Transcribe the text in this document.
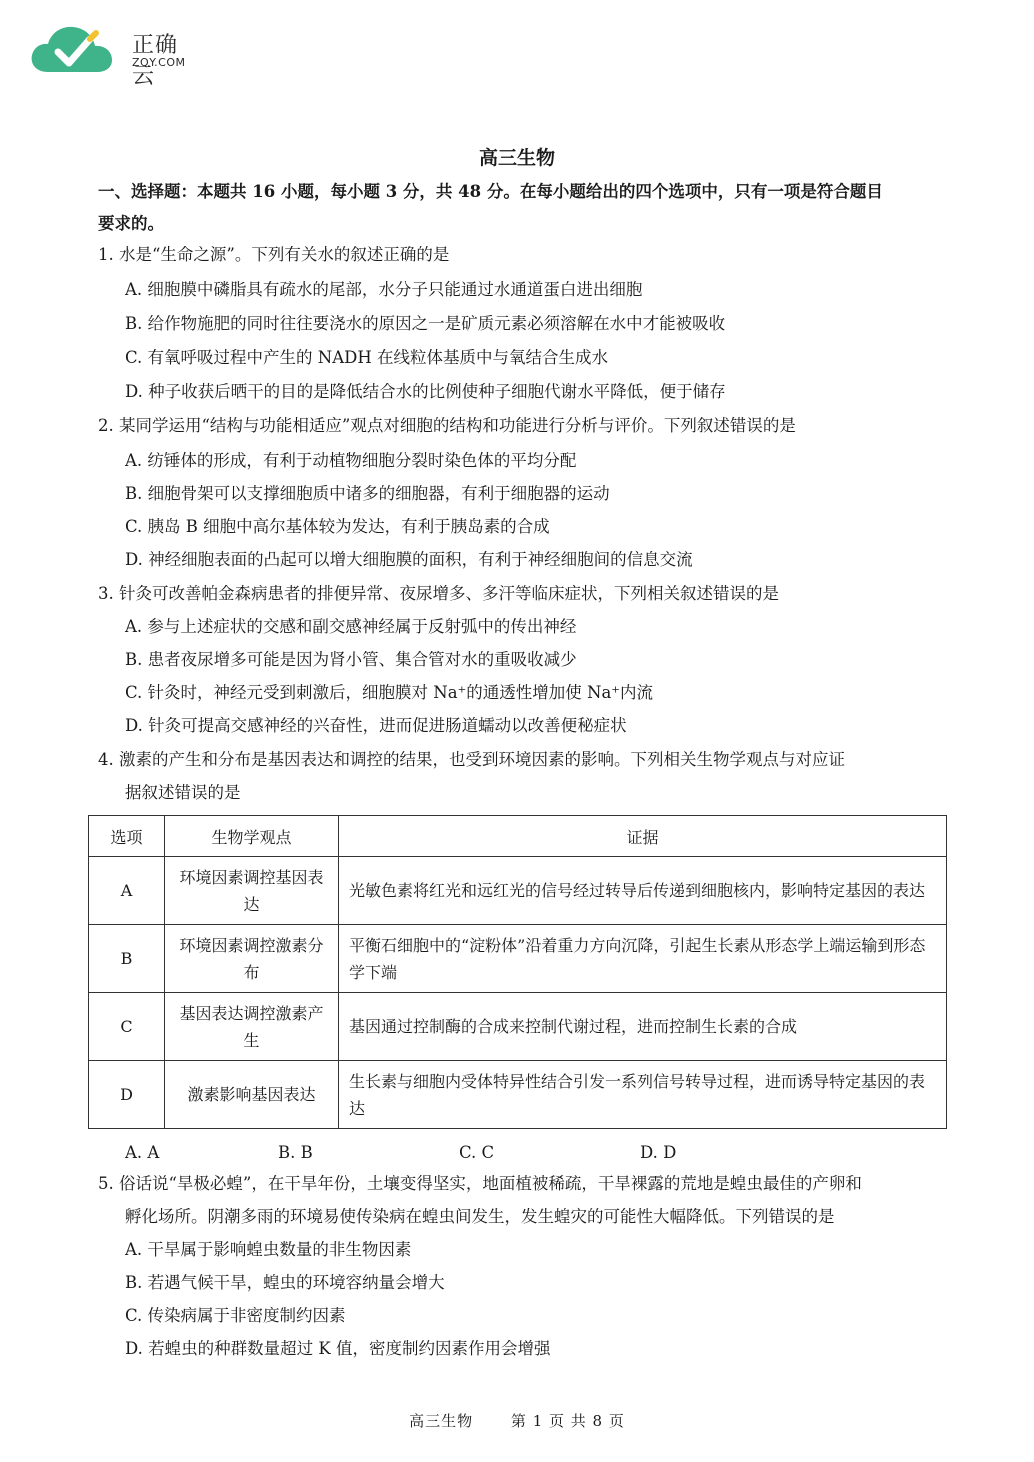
正确云
ZQY.COM
高三生物
一、选择题：本题共 16 小题，每小题 3 分，共 48 分。在每小题给出的四个选项中，只有一项是符合题目
要求的。
1. 水是“生命之源”。下列有关水的叙述正确的是
A. 细胞膜中磷脂具有疏水的尾部，水分子只能通过水通道蛋白进出细胞
B. 给作物施肥的同时往往要浇水的原因之一是矿质元素必须溶解在水中才能被吸收
C. 有氧呼吸过程中产生的 NADH 在线粒体基质中与氧结合生成水
D. 种子收获后晒干的目的是降低结合水的比例使种子细胞代谢水平降低，便于储存
2. 某同学运用“结构与功能相适应”观点对细胞的结构和功能进行分析与评价。下列叙述错误的是
A. 纺锤体的形成，有利于动植物细胞分裂时染色体的平均分配
B. 细胞骨架可以支撑细胞质中诸多的细胞器，有利于细胞器的运动
C. 胰岛 B 细胞中高尔基体较为发达，有利于胰岛素的合成
D. 神经细胞表面的凸起可以增大细胞膜的面积，有利于神经细胞间的信息交流
3. 针灸可改善帕金森病患者的排便异常、夜尿增多、多汗等临床症状，下列相关叙述错误的是
A. 参与上述症状的交感和副交感神经属于反射弧中的传出神经
B. 患者夜尿增多可能是因为肾小管、集合管对水的重吸收减少
C. 针灸时，神经元受到刺激后，细胞膜对 Na⁺的通透性增加使 Na⁺内流
D. 针灸可提高交感神经的兴奋性，进而促进肠道蠕动以改善便秘症状
4. 激素的产生和分布是基因表达和调控的结果，也受到环境因素的影响。下列相关生物学观点与对应证
据叙述错误的是
选项	生物学观点	证据
A	环境因素调控基因表达	光敏色素将红光和远红光的信号经过转导后传递到细胞核内，影响特定基因的表达
B	环境因素调控激素分布	平衡石细胞中的“淀粉体”沿着重力方向沉降，引起生长素从形态学上端运输到形态学下端
C	基因表达调控激素产生	基因通过控制酶的合成来控制代谢过程，进而控制生长素的合成
D	激素影响基因表达	生长素与细胞内受体特异性结合引发一系列信号转导过程，进而诱导特定基因的表达
A. A	B. B	C. C	D. D
5. 俗话说“旱极必蝗”，在干旱年份，土壤变得坚实，地面植被稀疏，干旱裸露的荒地是蝗虫最佳的产卵和
孵化场所。阴潮多雨的环境易使传染病在蝗虫间发生，发生蝗灾的可能性大幅降低。下列错误的是
A. 干旱属于影响蝗虫数量的非生物因素
B. 若遇气候干旱，蝗虫的环境容纳量会增大
C. 传染病属于非密度制约因素
D. 若蝗虫的种群数量超过 K 值，密度制约因素作用会增强
高三生物	第 1 页 共 8 页
